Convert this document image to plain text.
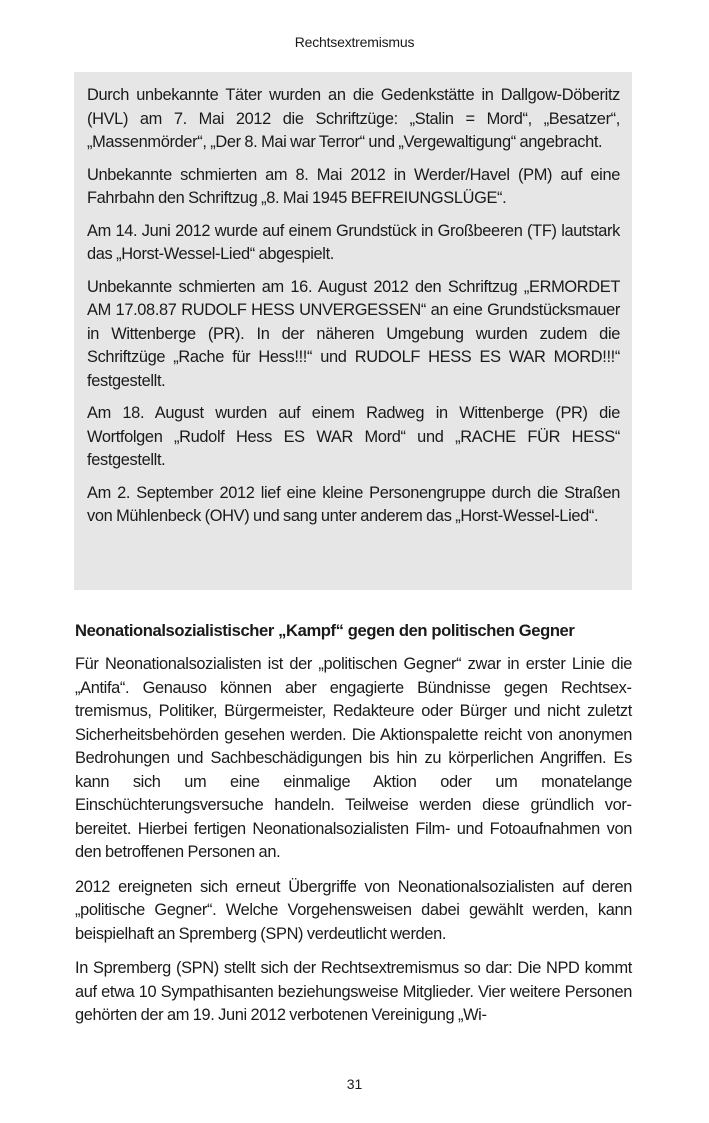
Rechtsextremismus

Durch unbekannte Täter wurden an die Gedenkstätte in Dallgow-Döberitz (HVL) am 7. Mai 2012 die Schriftzüge: „Stalin = Mord“, „Besatzer“, „Massenmörder“, „Der 8. Mai war Terror“ und „Vergewaltigung“ angebracht.

Unbekannte schmierten am 8. Mai 2012 in Werder/Havel (PM) auf eine Fahrbahn den Schriftzug „8. Mai 1945 BEFREIUNGSLÜGE“.

Am 14. Juni 2012 wurde auf einem Grundstück in Großbeeren (TF) lautstark das „Horst-Wessel-Lied“ abgespielt.

Unbekannte schmierten am 16. August 2012 den Schriftzug „ERMORDET AM 17.08.87 RUDOLF HESS UNVERGESSEN“ an eine Grundstücksmauer in Wittenberge (PR). In der näheren Umgebung wurden zudem die Schriftzüge „Rache für Hess!!!“ und RUDOLF HESS ES WAR MORD!!!“ festgestellt.

Am 18. August wurden auf einem Radweg in Wittenberge (PR) die Wortfolgen „Rudolf Hess ES WAR Mord“ und „RACHE FÜR HESS“ festgestellt.

Am 2. September 2012 lief eine kleine Personengruppe durch die Straßen von Mühlenbeck (OHV) und sang unter anderem das „Horst-Wessel-Lied“.

Neonationalsozialistischer „Kampf“ gegen den politischen Gegner

Für Neonationalsozialisten ist der „politischen Gegner“ zwar in erster Linie die „Antifa“. Genauso können aber engagierte Bündnisse gegen Rechtsextremismus, Politiker, Bürgermeister, Redakteure oder Bürger und nicht zuletzt Sicherheitsbehörden gesehen werden. Die Aktionspalette reicht von anonymen Bedrohungen und Sachbeschädigungen bis hin zu körperlichen Angriffen. Es kann sich um eine einmalige Aktion oder um monatelange Einschüchterungsversuche handeln. Teilweise werden diese gründlich vorbereitet. Hierbei fertigen Neonationalsozialisten Film- und Fotoaufnahmen von den betroffenen Personen an.

2012 ereigneten sich erneut Übergriffe von Neonationalsozialisten auf deren „politische Gegner“. Welche Vorgehensweisen dabei gewählt werden, kann beispielhaft an Spremberg (SPN) verdeutlicht werden.

In Spremberg (SPN) stellt sich der Rechtsextremismus so dar: Die NPD kommt auf etwa 10 Sympathisanten beziehungsweise Mitglieder. Vier weitere Personen gehörten der am 19. Juni 2012 verbotenen Vereinigung „Wi-

31
